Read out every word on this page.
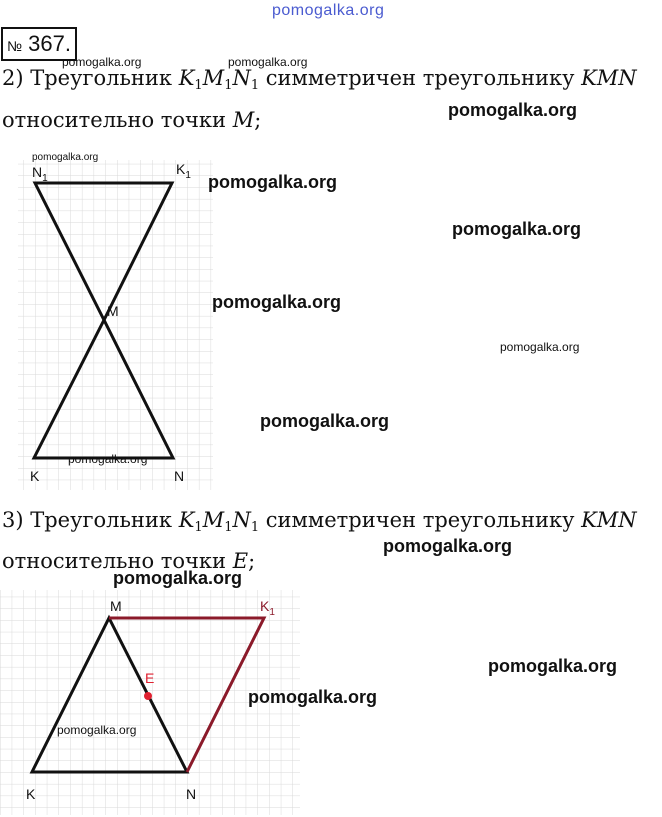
pomogalka.org
№ 367.
2) Треугольник $K_1M_1N_1$ симметричен треугольнику KMN
относительно точки M;
$N_1$
$K_1$
M
K	N
3) Треугольник $K_1M_1N_1$ симметричен треугольнику KMN
относительно точки E;
M	$K_1$
E
K	N
pomogalka.org	pomogalka.org
pomogalka.org
pomogalka.org
pomogalka.org
pomogalka.org
pomogalka.org
pomogalka.org
pomogalka.org
pomogalka.org
pomogalka.org
pomogalka.org
pomogalka.org
pomogalka.org
pomogalka.org
